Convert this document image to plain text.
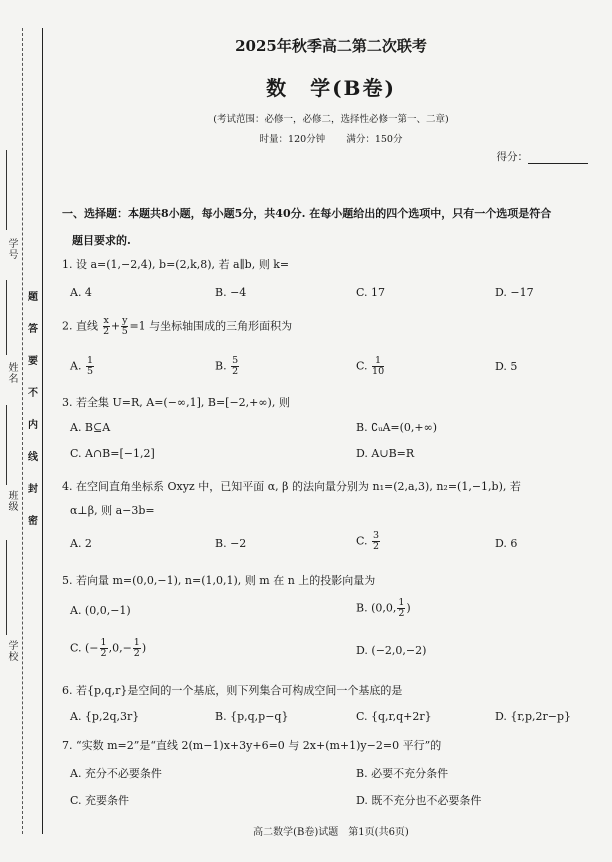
学号
姓名
班级
学校
密
封
线
内
不
要
答
题
2025年秋季高二第二次联考
数　学(B卷)
(考试范围：必修一，必修二，选择性必修一第一、二章)
时量：120分钟 满分：150分
得分：
一、选择题：本题共8小题，每小题5分，共40分. 在每小题给出的四个选项中，只有一个选项是符合
题目要求的.
1. 设 a=(1,−2,4), b=(2,k,8), 若 a∥b, 则 k=
A. 4	B. −4	C. 17	D. −17
2. 直线 $\frac{x}{2} + \frac{y}{5} =1$ 与坐标轴围成的三角形面积为
A. $\frac{1}{5}$	B. $\frac{5}{2}$	C. $\frac{1}{10}$	D. 5
3. 若全集 U=R, A=(−∞,1], B=[−2,+∞), 则
A. B⊆A	B. ∁ᵤA=(0,+∞)
C. A∩B=[−1,2]	D. A∪B=R
4. 在空间直角坐标系 Oxyz 中，已知平面 α, β 的法向量分别为 n₁=(2,a,3), n₂=(1,−1,b), 若
α⊥β, 则 a−3b=
A. 2	B. −2	C. $\frac{3}{2}$	D. 6
5. 若向量 m=(0,0,−1), n=(1,0,1), 则 m 在 n 上的投影向量为
A. (0,0,−1)	B. (0,0, $\frac{1}{2}$ )
C. (− $\frac{1}{2} ,0,- \frac{1}{2}$ )	D. (−2,0,−2)
6. 若{p,q,r}是空间的一个基底，则下列集合可构成空间一个基底的是
A. {p,2q,3r}	B. {p,q,p−q}	C. {q,r,q+2r}	D. {r,p,2r−p}
7. “实数 m=2”是“直线 2(m−1)x+3y+6=0 与 2x+(m+1)y−2=0 平行”的
A. 充分不必要条件	B. 必要不充分条件
C. 充要条件	D. 既不充分也不必要条件
高二数学(B卷)试题　第1页(共6页)
